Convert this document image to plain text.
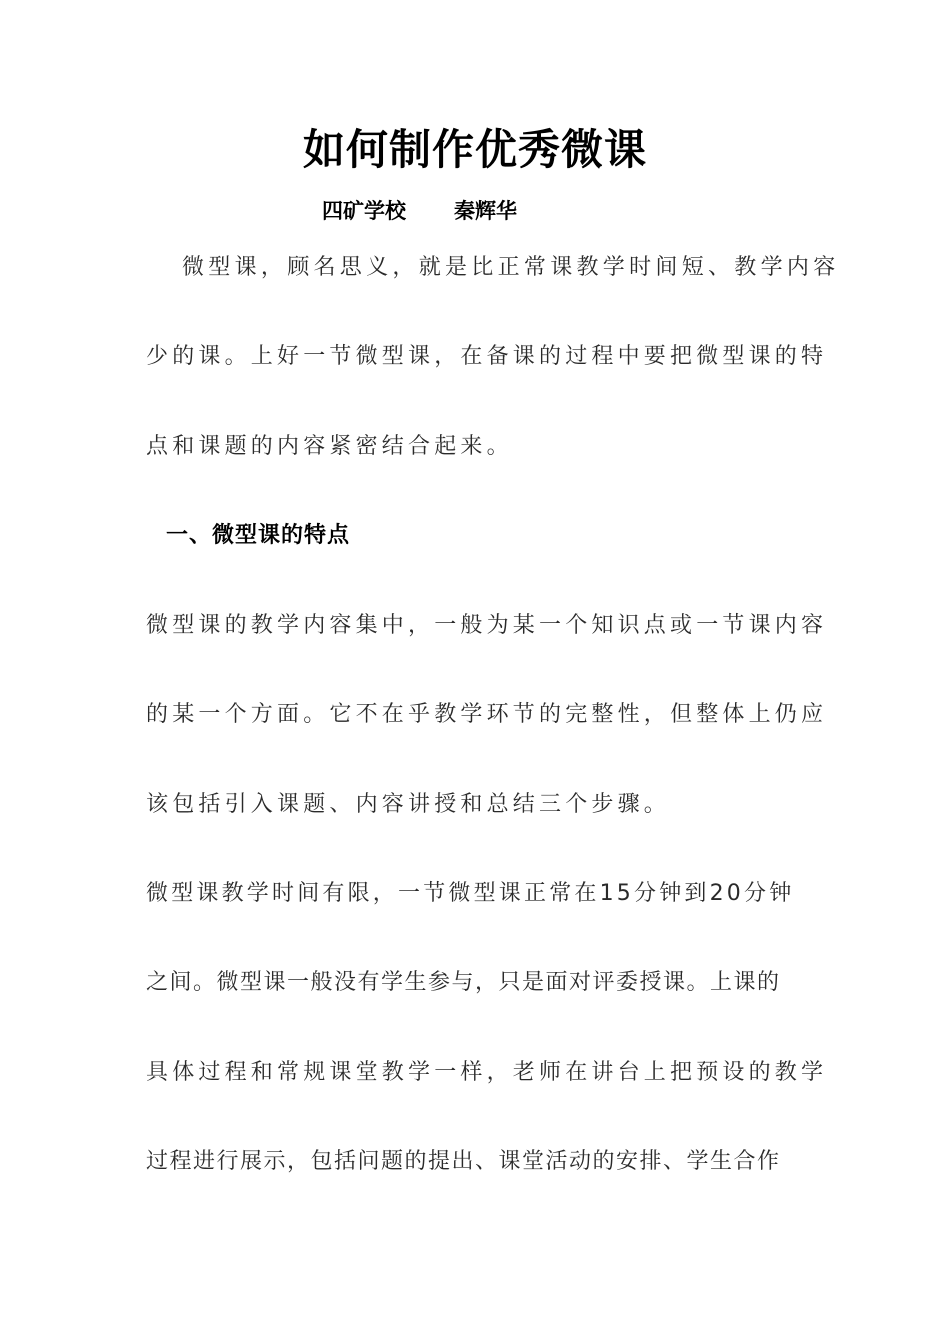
如何制作优秀微课
四矿学校 秦辉华
微型课，顾名思义，就是比正常课教学时间短、教学内容
少的课。上好一节微型课，在备课的过程中要把微型课的特
点和课题的内容紧密结合起来。
一、微型课的特点
微型课的教学内容集中，一般为某一个知识点或一节课内容
的某一个方面。它不在乎教学环节的完整性，但整体上仍应
该包括引入课题、内容讲授和总结三个步骤。
微型课教学时间有限，一节微型课正常在15分钟到20分钟
之间。微型课一般没有学生参与，只是面对评委授课。上课的
具体过程和常规课堂教学一样，老师在讲台上把预设的教学
过程进行展示，包括问题的提出、课堂活动的安排、学生合作
